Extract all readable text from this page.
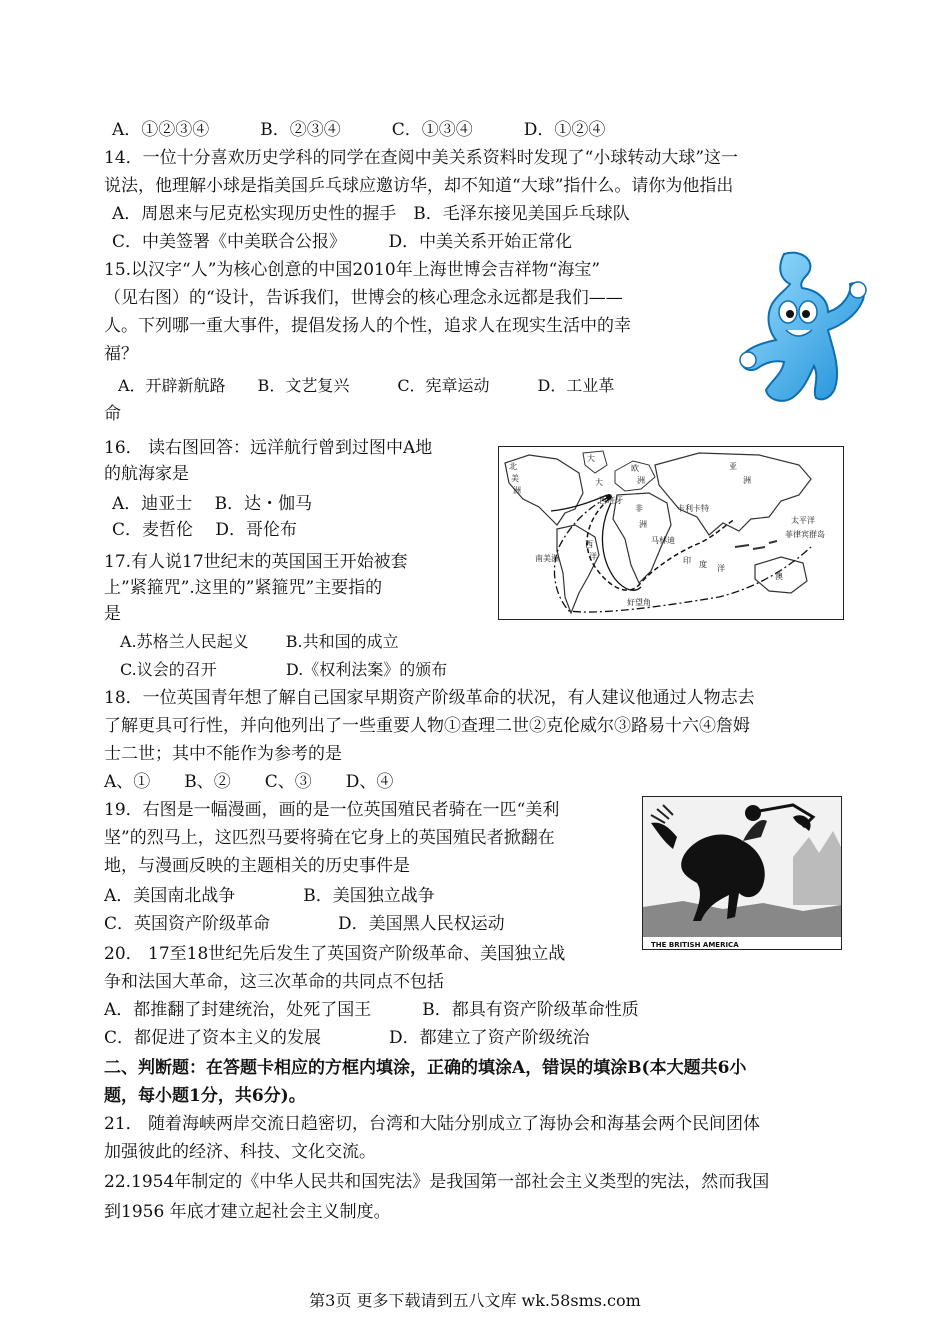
A．①②③④　　　B．②③④　　　C．①③④　　　D．①②④
14．一位十分喜欢历史学科的同学在查阅中美关系资料时发现了“小球转动大球”这一
说法，他理解小球是指美国乒乓球应邀访华，却不知道“大球”指什么。请你为他指出
A．周恩来与尼克松实现历史性的握手　B．毛泽东接见美国乒乓球队
C．中美签署《中美联合公报》　　　D．中美关系开始正常化
15.以汉字“人”为核心创意的中国2010年上海世博会吉祥物“海宝”
（见右图）的“设计，告诉我们，世博会的核心理念永远都是我们——
人。下列哪一重大事件，提倡发扬人的个性，追求人在现实生活中的幸
福？
A．开辟新航路　　B．文艺复兴　　　C．宪章运动　　　D．工业革
命
16． 读右图回答：远洋航行曾到过图中A地
的航海家是
A．迪亚士　 B．达・伽马
C．麦哲伦　 D．哥伦布
北
美
洲
大
欧
洲
亚
西班牙
洲
太平洋
非
洲
菲律宾群岛
大
卡利卡特
马林迪
印 度 洋
南美洲
西
洋
澳
好望角
17.有人说17世纪末的英国国王开始被套
上”紧箍咒”.这里的”紧箍咒”主要指的
是
A.苏格兰人民起义　　 B.共和国的成立
C.议会的召开　　　　 D.《权利法案》的颁布
18．一位英国青年想了解自己国家早期资产阶级革命的状况，有人建议他通过人物志去
了解更具可行性，并向他列出了一些重要人物①查理二世②克伦威尔③路易十六④詹姆
士二世；其中不能作为参考的是
A、①　　B、②　　C、③　　D、④
19．右图是一幅漫画，画的是一位英国殖民者骑在一匹“美利
坚”的烈马上，这匹烈马要将骑在它身上的英国殖民者掀翻在
地，与漫画反映的主题相关的历史事件是
A．美国南北战争　　　　B．美国独立战争
C．英国资产阶级革命　　　　D．美国黑人民权运动
THE BRITISH AMERICA
20． 17至18世纪先后发生了英国资产阶级革命、美国独立战
争和法国大革命，这三次革命的共同点不包括
A．都推翻了封建统治，处死了国王　　　B．都具有资产阶级革命性质
C．都促进了资本主义的发展　　　　D．都建立了资产阶级统治
二、判断题：在答题卡相应的方框内填涂，正确的填涂A，错误的填涂B(本大题共6小
题，每小题1分，共6分)。
21． 随着海峡两岸交流日趋密切，台湾和大陆分别成立了海协会和海基会两个民间团体
加强彼此的经济、科技、文化交流。
22.1954年制定的《中华人民共和国宪法》是我国第一部社会主义类型的宪法，然而我国
到1956 年底才建立起社会主义制度。
第3页 更多下载请到五八文库 wk.58sms.com
